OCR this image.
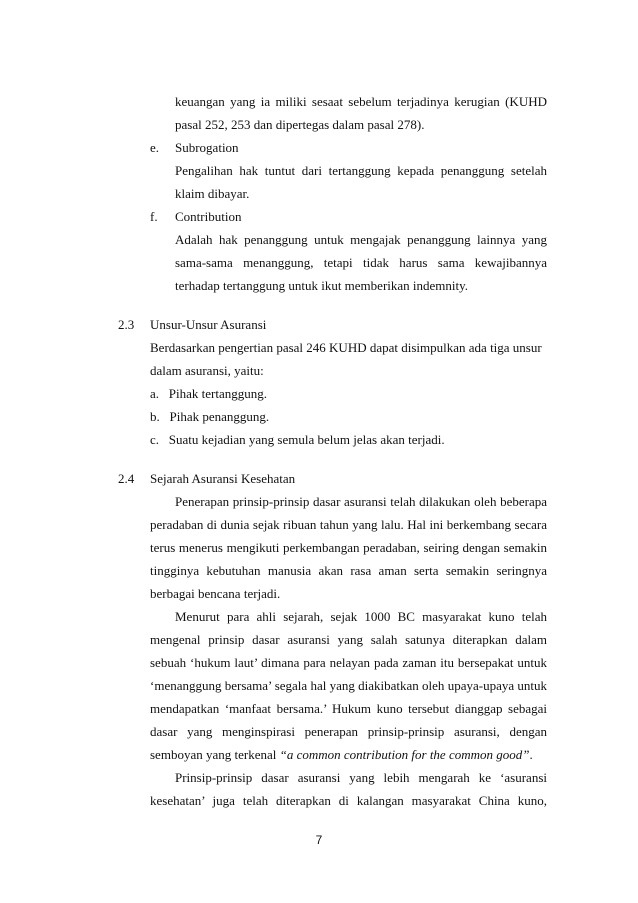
keuangan yang ia miliki sesaat sebelum terjadinya kerugian (KUHD
pasal 252, 253 dan dipertegas dalam pasal 278).
e. Subrogation
Pengalihan hak tuntut dari tertanggung kepada penanggung setelah
klaim dibayar.
f. Contribution
Adalah hak penanggung untuk mengajak penanggung lainnya yang
sama-sama menanggung, tetapi tidak harus sama kewajibannya
terhadap tertanggung untuk ikut memberikan indemnity.
2.3 Unsur-Unsur Asuransi
Berdasarkan pengertian pasal 246 KUHD dapat disimpulkan ada tiga unsur
dalam asuransi, yaitu:
a.   Pihak tertanggung.
b.   Pihak penanggung.
c.   Suatu kejadian yang semula belum jelas akan terjadi.
2.4 Sejarah Asuransi Kesehatan
Penerapan prinsip-prinsip dasar asuransi telah dilakukan oleh beberapa
peradaban di dunia sejak ribuan tahun yang lalu. Hal ini berkembang secara
terus menerus mengikuti perkembangan peradaban, seiring dengan semakin
tingginya kebutuhan manusia akan rasa aman serta semakin seringnya
berbagai bencana terjadi.
Menurut para ahli sejarah, sejak 1000 BC masyarakat kuno telah
mengenal prinsip dasar asuransi yang salah satunya diterapkan dalam
sebuah ‘hukum laut’ dimana para nelayan pada zaman itu bersepakat untuk
‘menanggung bersama’ segala hal yang diakibatkan oleh upaya-upaya untuk
mendapatkan ‘manfaat bersama.’ Hukum kuno tersebut dianggap sebagai
dasar yang menginspirasi penerapan prinsip-prinsip asuransi, dengan
semboyan yang terkenal “a common contribution for the common good”.
Prinsip-prinsip dasar asuransi yang lebih mengarah ke ‘asuransi
kesehatan’ juga telah diterapkan di kalangan masyarakat China kuno,
7
